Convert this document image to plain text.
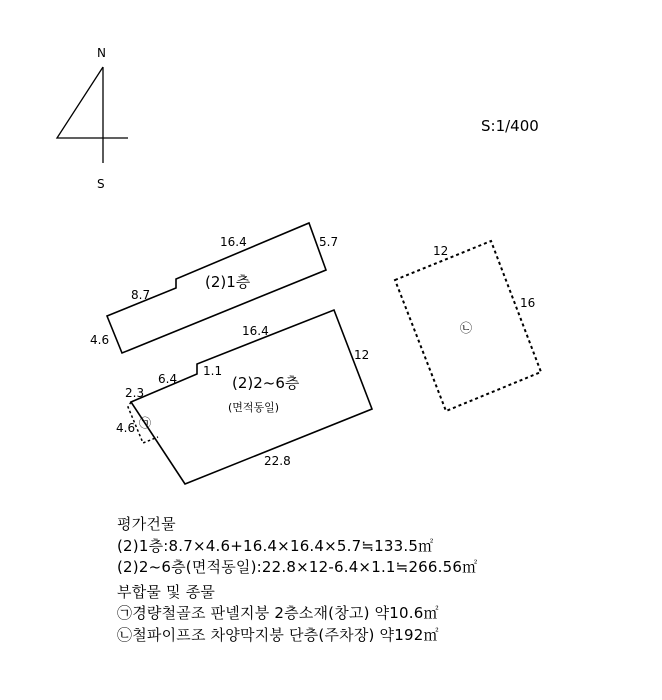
N
S
S:1/400
16.4	5.7
8.7
4.6
(2)1층
16.4
12
22.8
6.4
1.1
2.3
4.6
(2)2~6층
(면적동일)
㉠
12
16
㉡
평가건물
(2)1층:8.7×4.6+16.4×16.4×5.7≒133.5㎡
(2)2~6층(면적동일):22.8×12-6.4×1.1≒266.56㎡
부합물 및 종물
㉠경량철골조 판넬지붕 2층소재(창고) 약10.6㎡
㉡철파이프조 차양막지붕 단층(주차장) 약192㎡
